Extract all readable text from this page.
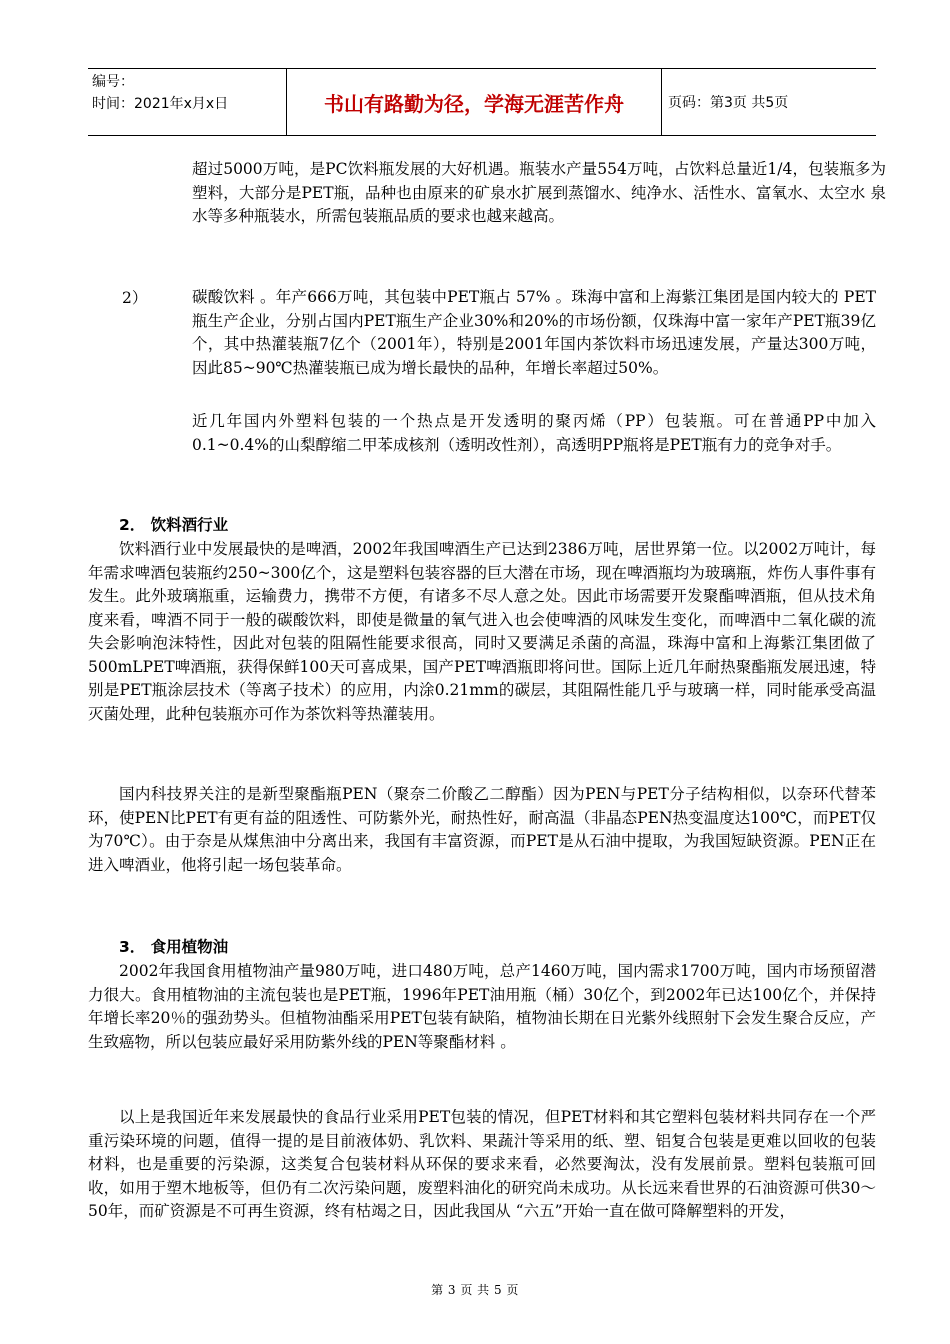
编号：
时间：2021年x月x日	书山有路勤为径，学海无涯苦作舟	页码：第3页 共5页

超过5000万吨，是PC饮料瓶发展的大好机遇。瓶装水产量554万吨，占饮料总量近1/4，包装瓶多为塑料，大部分是PET瓶，品种也由原来的矿泉水扩展到蒸馏水、纯净水、活性水、富氧水、太空水 泉水等多种瓶装水，所需包装瓶品质的要求也越来越高。

2）	碳酸饮料 。年产666万吨，其包装中PET瓶占 57% 。珠海中富和上海紫江集团是国内较大的 PET瓶生产企业，分别占国内PET瓶生产企业30%和20%的市场份额，仅珠海中富一家年产PET瓶39亿个，其中热灌装瓶7亿个（2001年），特别是2001年国内茶饮料市场迅速发展，产量达300万吨，因此85~90℃热灌装瓶已成为增长最快的品种，年增长率超过50%。

近几年国内外塑料包装的一个热点是开发透明的聚丙烯（PP）包装瓶。可在普通PP中加入0.1~0.4%的山梨醇缩二甲苯成核剂（透明改性剂），高透明PP瓶将是PET瓶有力的竞争对手。

2． 饮料酒行业

饮料酒行业中发展最快的是啤酒，2002年我国啤酒生产已达到2386万吨，居世界第一位。以2002万吨计，每年需求啤酒包装瓶约250~300亿个，这是塑料包装容器的巨大潜在市场，现在啤酒瓶均为玻璃瓶，炸伤人事件事有发生。此外玻璃瓶重，运输费力，携带不方便，有诸多不尽人意之处。因此市场需要开发聚酯啤酒瓶，但从技术角度来看，啤酒不同于一般的碳酸饮料，即使是微量的氧气进入也会使啤酒的风味发生变化，而啤酒中二氧化碳的流失会影响泡沫特性，因此对包装的阻隔性能要求很高，同时又要满足杀菌的高温，珠海中富和上海紫江集团做了500mLPET啤酒瓶，获得保鲜100天可喜成果，国产PET啤酒瓶即将问世。国际上近几年耐热聚酯瓶发展迅速，特别是PET瓶涂层技术（等离子技术）的应用，内涂0.21mm的碳层，其阻隔性能几乎与玻璃一样，同时能承受高温灭菌处理，此种包装瓶亦可作为茶饮料等热灌装用。

国内科技界关注的是新型聚酯瓶PEN（聚奈二价酸乙二醇酯）因为PEN与PET分子结构相似，以奈环代替苯环，使PEN比PET有更有益的阻透性、可防紫外光，耐热性好，耐高温（非晶态PEN热变温度达100℃，而PET仅为70℃）。由于奈是从煤焦油中分离出来，我国有丰富资源，而PET是从石油中提取，为我国短缺资源。PEN正在进入啤酒业，他将引起一场包装革命。

3． 食用植物油

2002年我国食用植物油产量980万吨，进口480万吨，总产1460万吨，国内需求1700万吨，国内市场预留潜力很大。食用植物油的主流包装也是PET瓶，1996年PET油用瓶（桶）30亿个，到2002年已达100亿个，并保持年增长率20％的强劲势头。但植物油酯采用PET包装有缺陷，植物油长期在日光紫外线照射下会发生聚合反应，产生致癌物，所以包装应最好采用防紫外线的PEN等聚酯材料 。

以上是我国近年来发展最快的食品行业采用PET包装的情况，但PET材料和其它塑料包装材料共同存在一个严重污染环境的问题，值得一提的是目前液体奶、乳饮料、果蔬汁等采用的纸、塑、铝复合包装是更难以回收的包装材料，也是重要的污染源，这类复合包装材料从环保的要求来看，必然要淘汰，没有发展前景。塑料包装瓶可回收，如用于塑木地板等，但仍有二次污染问题，废塑料油化的研究尚未成功。从长远来看世界的石油资源可供30～50年，而矿资源是不可再生资源，终有枯竭之日，因此我国从 “六五”开始一直在做可降解塑料的开发，

第 3 页 共 5 页
